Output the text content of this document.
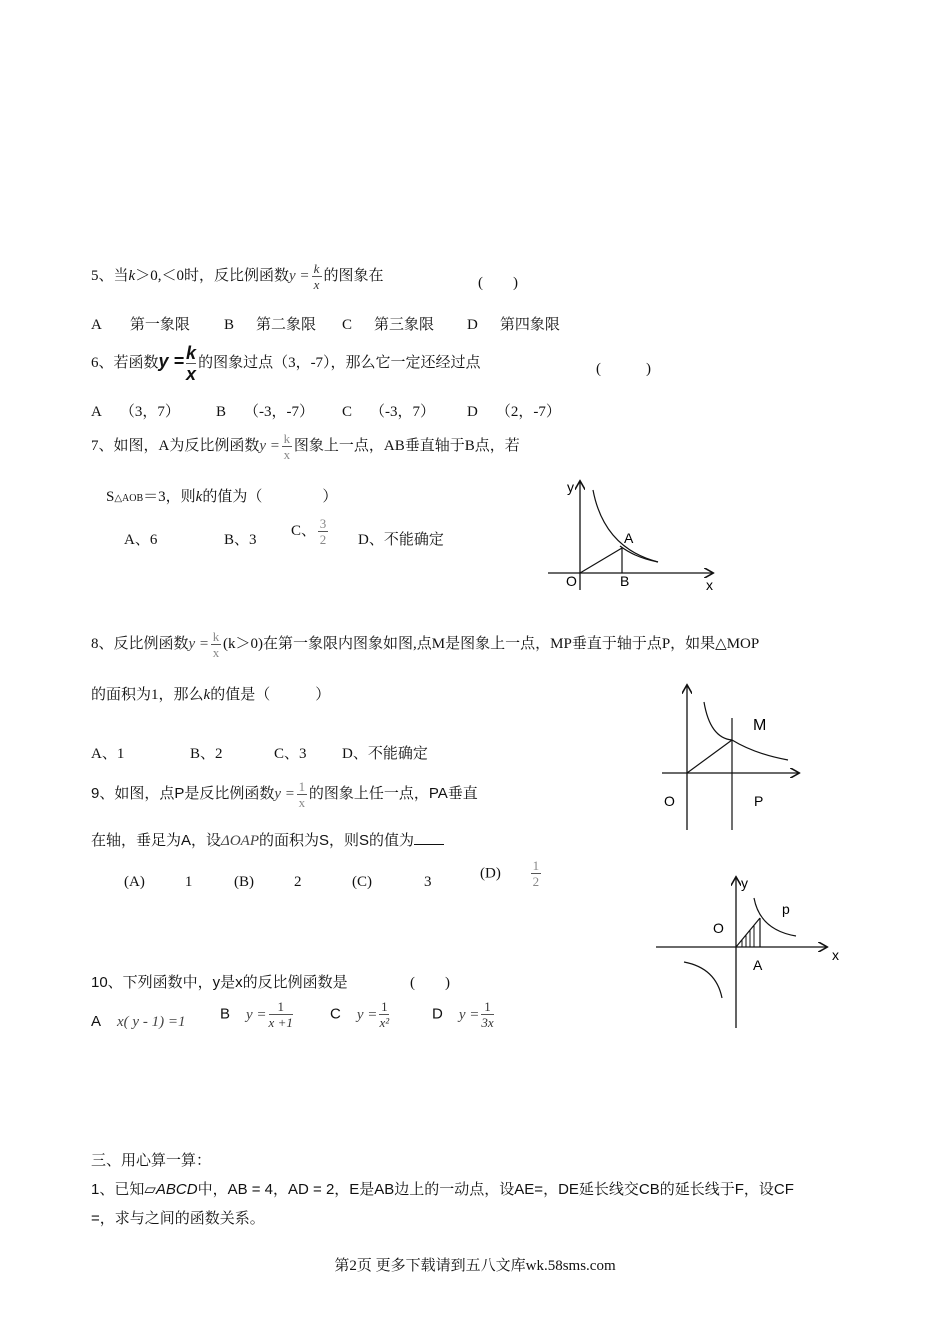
5、当k＞0,＜0时，反比例函数$y = \frac{k}{x}$ 的图象在	(　　)
A 第一象限 B 第二象限 C 第三象限 D 第四象限
6、若函数$y = \frac{k}{x}$ 的图象过点（3，-7），那么它一定还经过点	(　　　)
A （3，7） B （-3，-7） C （-3，7） D （2，-7）
7、如图，A为反比例函数$y = \frac{k}{x}$ 图象上一点，AB垂直轴于B点，若
S△AOB＝3，则k的值为（　　　　）
A、6	B、3
C、 $\frac{3}{2}$ D、不能确定
y
x
O
A
B
8、反比例函数$y = \frac{k}{x} (k>0)$在第一象限内图象如图,点M是图象上一点，MP垂直于轴于点P，如果△MOP
的面积为1，那么k的值是（　　　）
A、1	B、2	C、3 D、不能确定
M
O	P
9、如图，点P是反比例函数$y = \frac{1}{x}$ 的图象上任一点，PA垂直
在轴，垂足为A，设ΔOAP的面积为S，则S的值为
(A)	1	(B)	2	(C)	3
$(D) \frac{1}{2}$	y
x
O
A
p
10、下列函数中，y是x的反比例函数是	(　　)
A x( y - 1) =1 B $y = \frac{1}{x +1}$ C $y = \frac{1}{\text{x²}}$	D $y = \frac{1}{3x}$
三、用心算一算：
1、已知▱ABCD中，AB = 4，AD = 2，E是AB边上的一动点，设AE=，DE延长线交CB的延长线于F，设CF
=，求与之间的函数关系。
第2页 更多下载请到五八文库wk.58sms.com
